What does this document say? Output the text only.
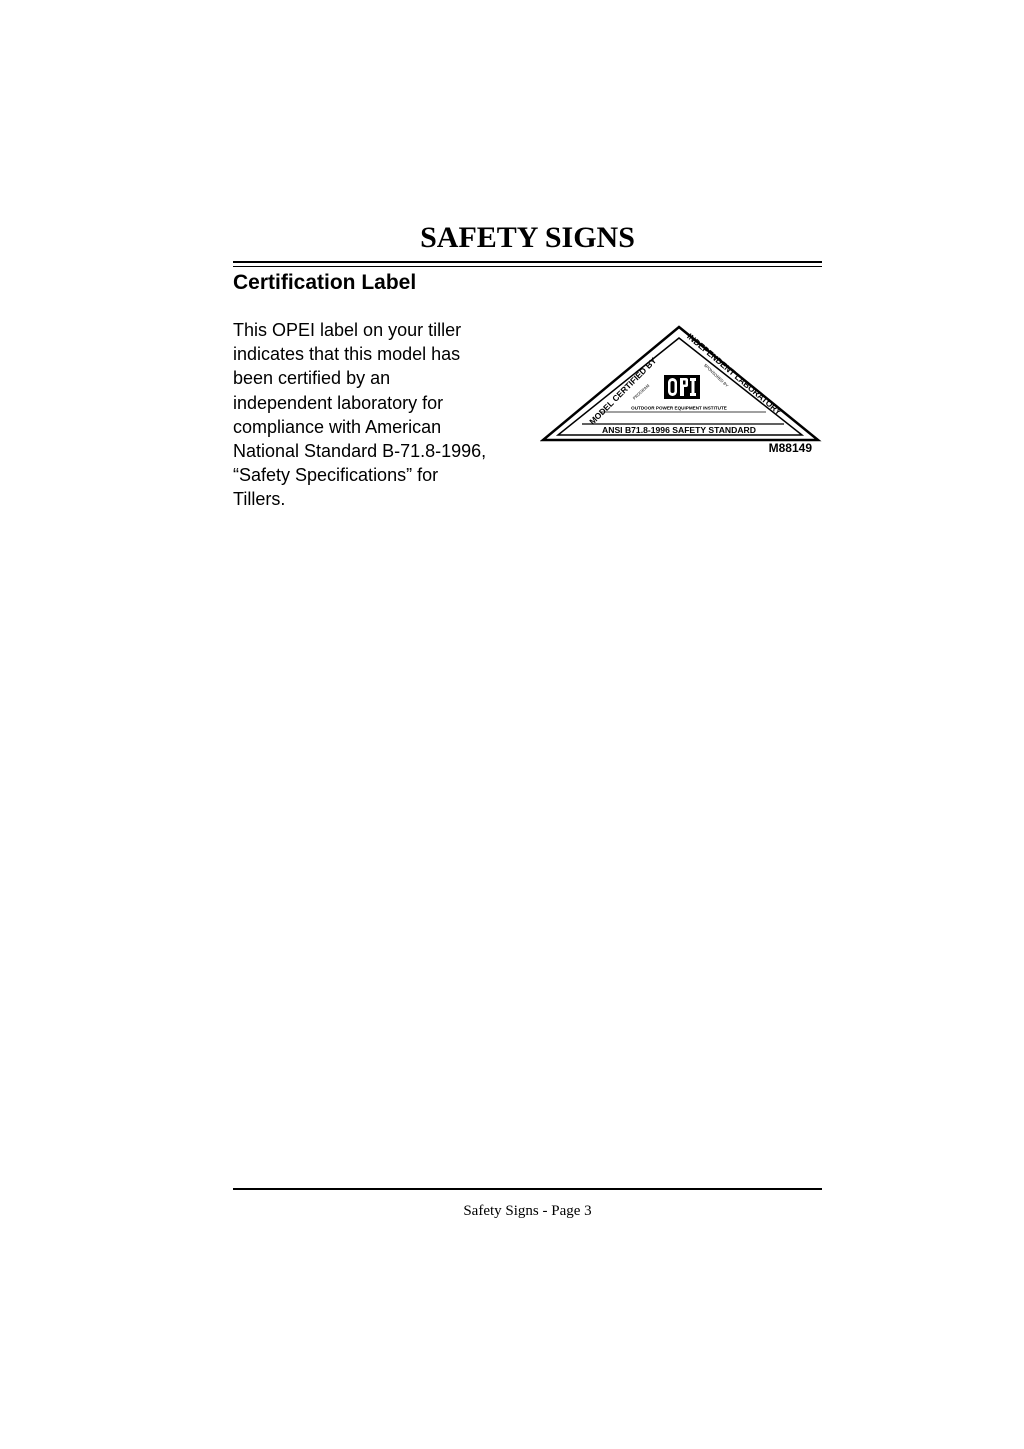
SAFETY SIGNS
Certification Label

This OPEI label on your tiller
indicates that this model has
been certified by an
independent laboratory for
compliance with American
National Standard B-71.8-1996,
“Safety Specifications” for
Tillers.

MODEL CERTIFIED BY
INDEPENDENT LABORATORY
PROGRAM
SPONSORED BY
OUTDOOR POWER EQUIPMENT INSTITUTE
ANSI B71.8-1996 SAFETY STANDARD
M88149
Safety Signs - Page 3
